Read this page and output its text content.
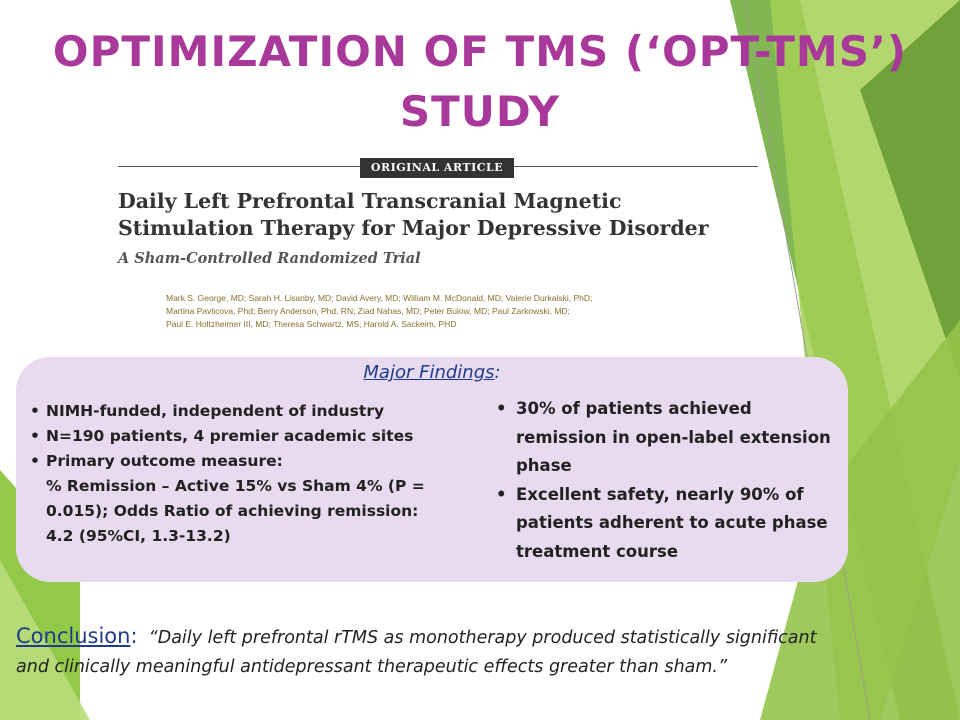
OPTIMIZATION OF TMS (‘OPT-TMS’)
STUDY
ORIGINAL ARTICLE
Daily Left Prefrontal Transcranial Magnetic
Stimulation Therapy for Major Depressive Disorder
A Sham-Controlled Randomized Trial
Mark S. George, MD; Sarah H. Lisanby, MD; David Avery, MD; William M. McDonald, MD; Valerie Durkalski, PhD;
Martina Pavlicova, Phd; Berry Anderson, Phd, RN; Ziad Nahas, MD; Peter Bulow, MD; Paul Zarkowski, MD;
Paul E. Holtzheimer III, MD; Theresa Schwartz, MS; Harold A. Sackeim, PHD
Major Findings:
• NIMH-funded, independent of industry
• N=190 patients, 4 premier academic sites
• Primary outcome measure:
% Remission – Active 15% vs Sham 4% (P =
0.015); Odds Ratio of achieving remission:
4.2 (95%CI, 1.3-13.2)
• 30% of patients achieved remission in open-label extension phase
• Excellent safety, nearly 90% of patients adherent to acute phase treatment course
Conclusion: “Daily left prefrontal rTMS as monotherapy produced statistically significant and clinically meaningful antidepressant therapeutic effects greater than sham.”
